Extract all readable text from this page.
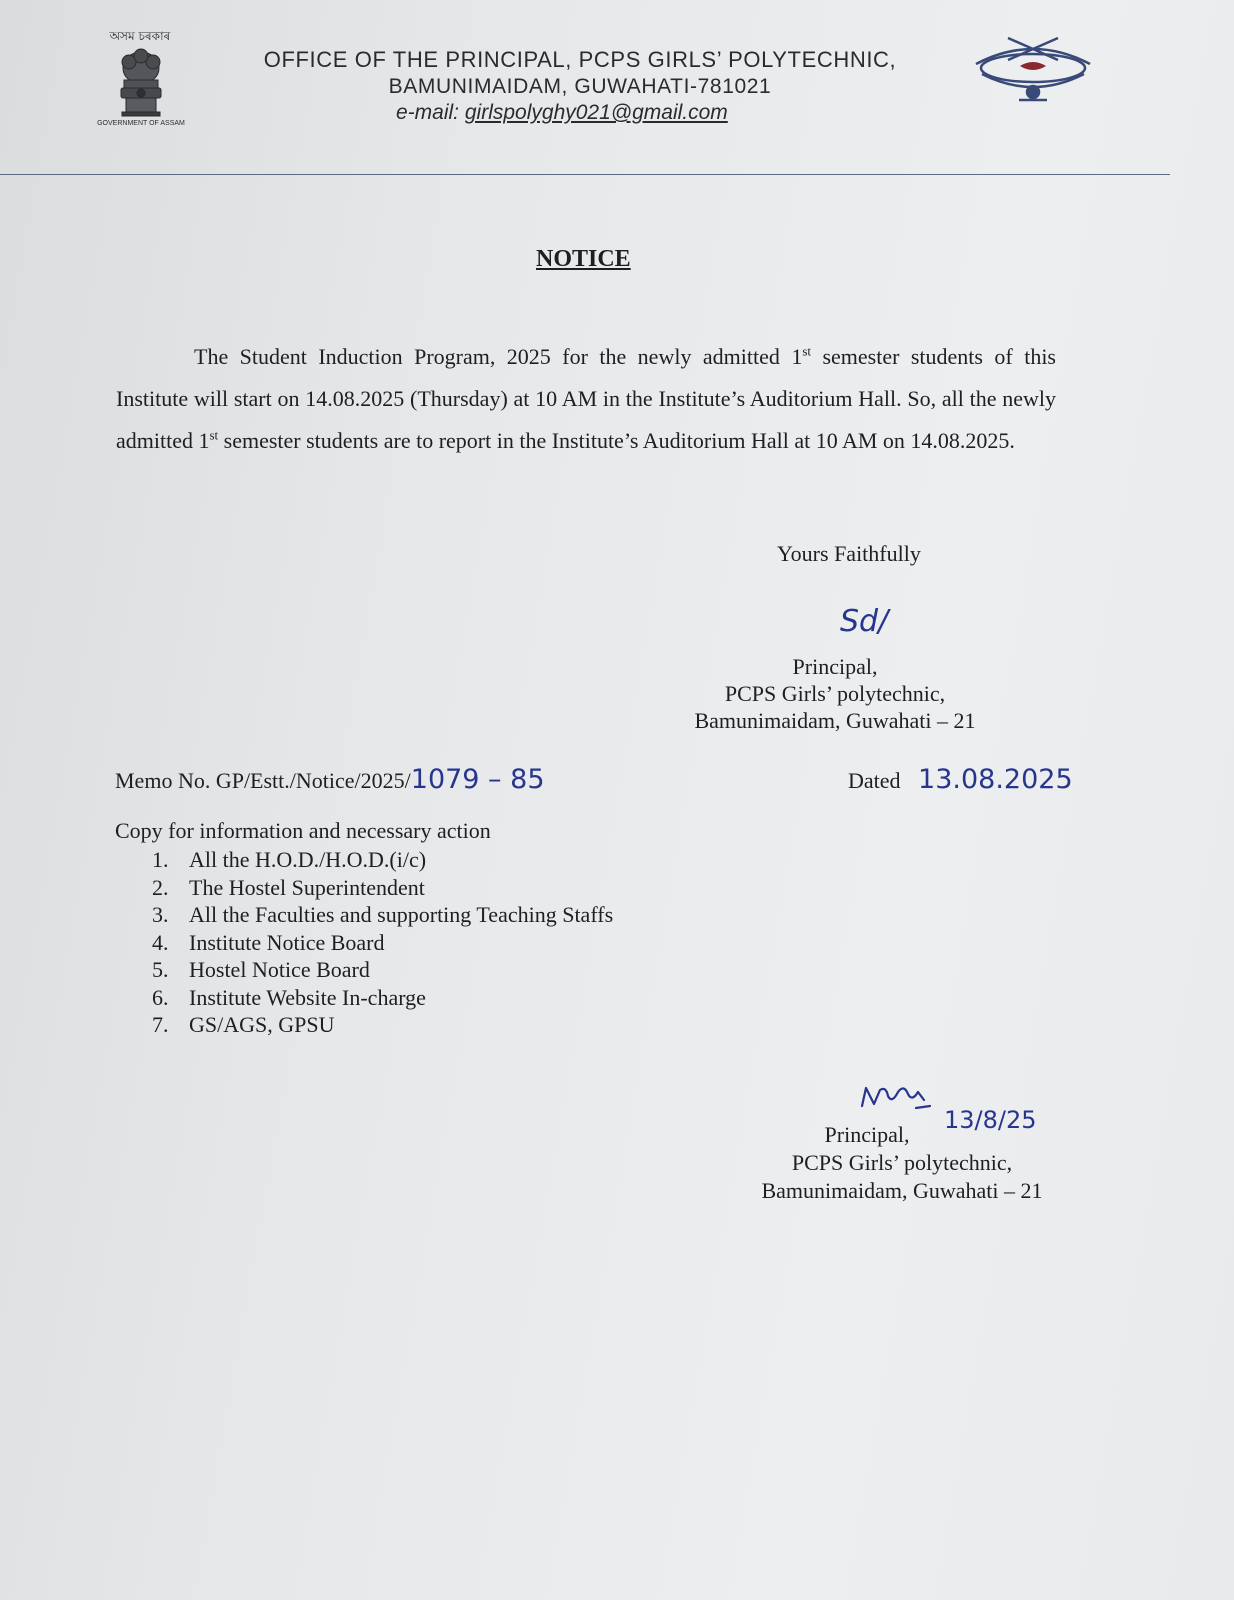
অসম চৰকাৰ
GOVERNMENT OF ASSAM
OFFICE OF THE PRINCIPAL, PCPS GIRLS’ POLYTECHNIC,
BAMUNIMAIDAM, GUWAHATI-781021
e-mail: girlspolyghy021@gmail.com
NOTICE
The Student Induction Program, 2025 for the newly admitted 1st semester students of this Institute will start on 14.08.2025 (Thursday) at 10 AM in the Institute’s Auditorium Hall. So, all the newly admitted 1st semester students are to report in the Institute’s Auditorium Hall at 10 AM on 14.08.2025.
Yours Faithfully
Sd/
Principal,
PCPS Girls’ polytechnic,
Bamunimaidam, Guwahati – 21
Memo No. GP/Estt./Notice/2025/1079 – 85	Dated 13.08.2025
Copy for information and necessary action
1. All the H.O.D./H.O.D.(i/c)
2. The Hostel Superintendent
3. All the Faculties and supporting Teaching Staffs
4. Institute Notice Board
5. Hostel Notice Board
6. Institute Website In-charge
7. GS/AGS, GPSU
13/8/25
Principal,
PCPS Girls’ polytechnic,
Bamunimaidam, Guwahati – 21
